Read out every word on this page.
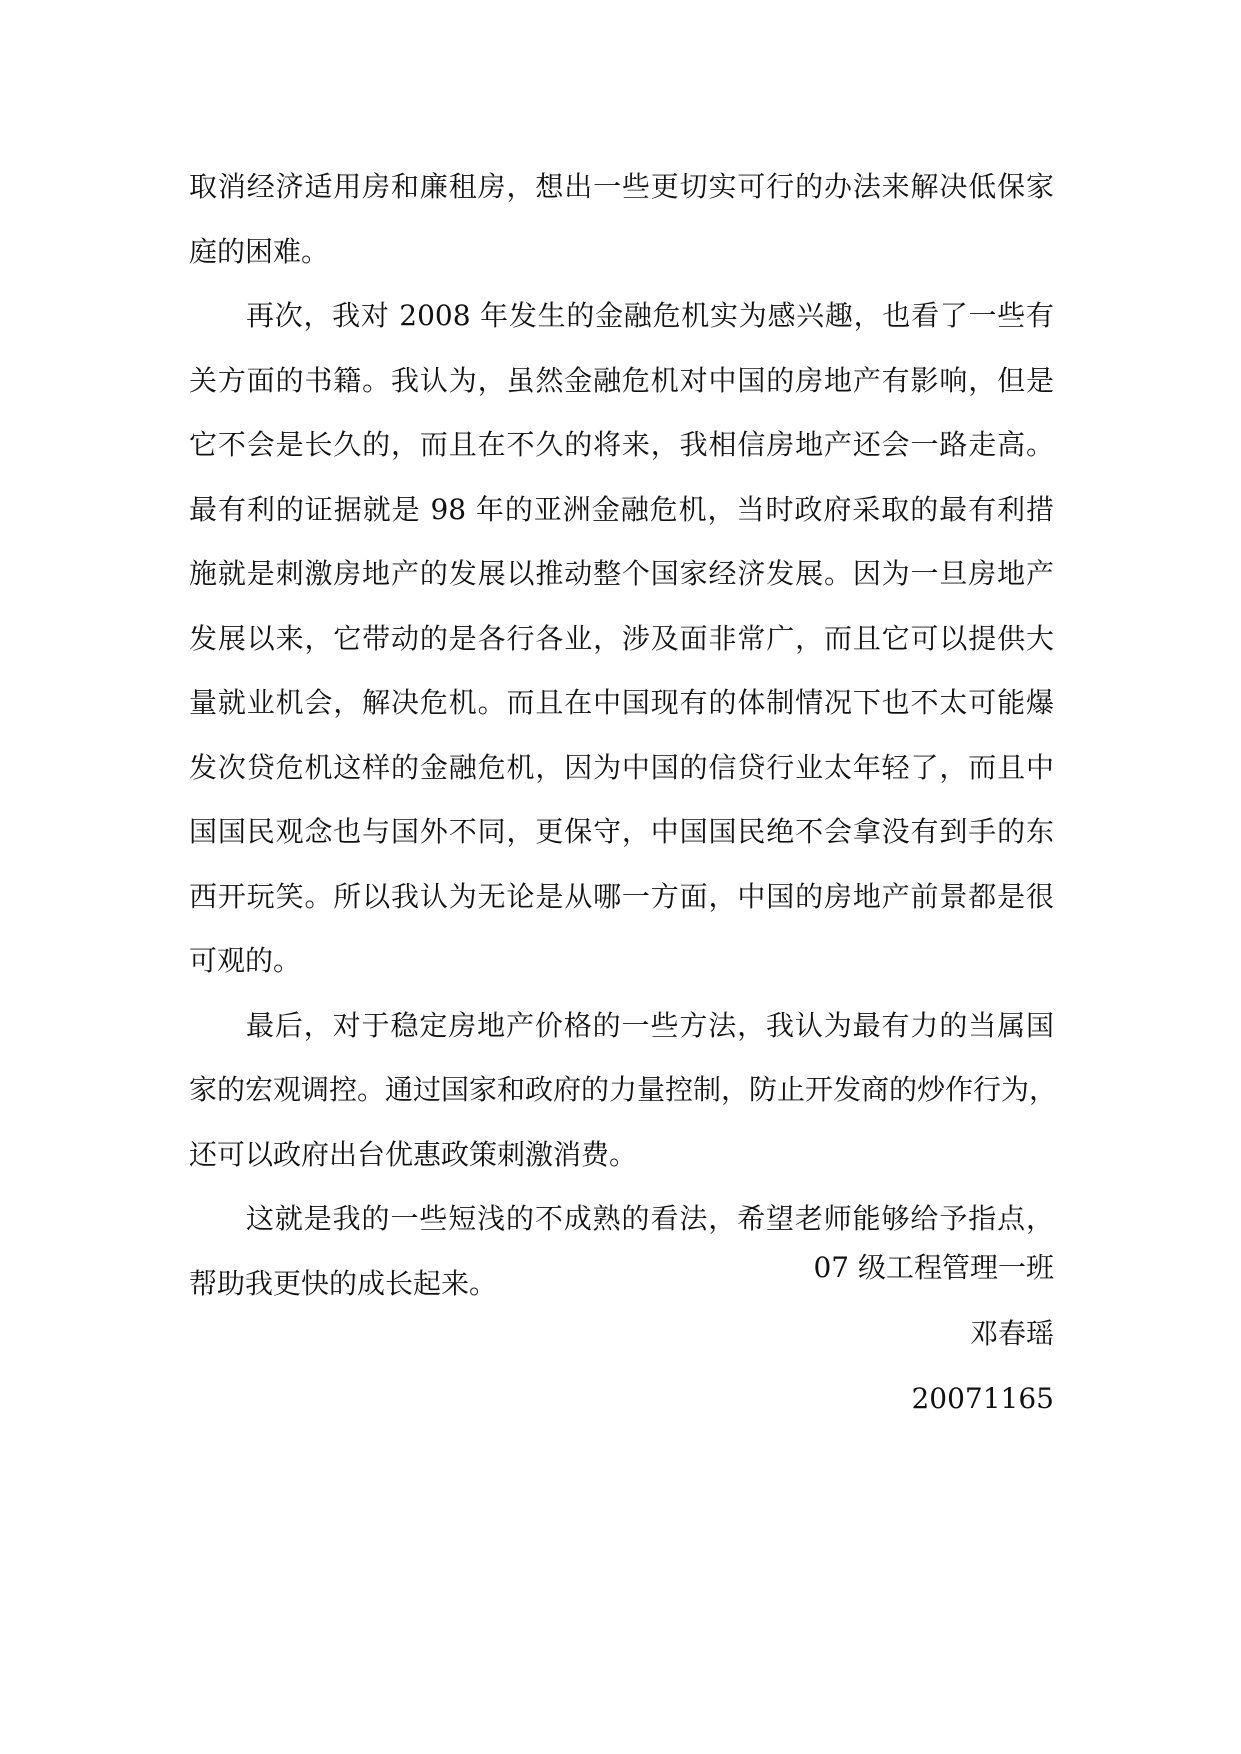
取消经济适用房和廉租房，想出一些更切实可行的办法来解决低保家
庭的困难。
再次，我对 2008 年发生的金融危机实为感兴趣，也看了一些有
关方面的书籍。我认为，虽然金融危机对中国的房地产有影响，但是
它不会是长久的，而且在不久的将来，我相信房地产还会一路走高。
最有利的证据就是 98 年的亚洲金融危机，当时政府采取的最有利措
施就是刺激房地产的发展以推动整个国家经济发展。因为一旦房地产
发展以来，它带动的是各行各业，涉及面非常广，而且它可以提供大
量就业机会，解决危机。而且在中国现有的体制情况下也不太可能爆
发次贷危机这样的金融危机，因为中国的信贷行业太年轻了，而且中
国国民观念也与国外不同，更保守，中国国民绝不会拿没有到手的东
西开玩笑。所以我认为无论是从哪一方面，中国的房地产前景都是很
可观的。
最后，对于稳定房地产价格的一些方法，我认为最有力的当属国
家的宏观调控。通过国家和政府的力量控制，防止开发商的炒作行为，
还可以政府出台优惠政策刺激消费。
这就是我的一些短浅的不成熟的看法，希望老师能够给予指点，
帮助我更快的成长起来。	07 级工程管理一班
邓春瑶
20071165
